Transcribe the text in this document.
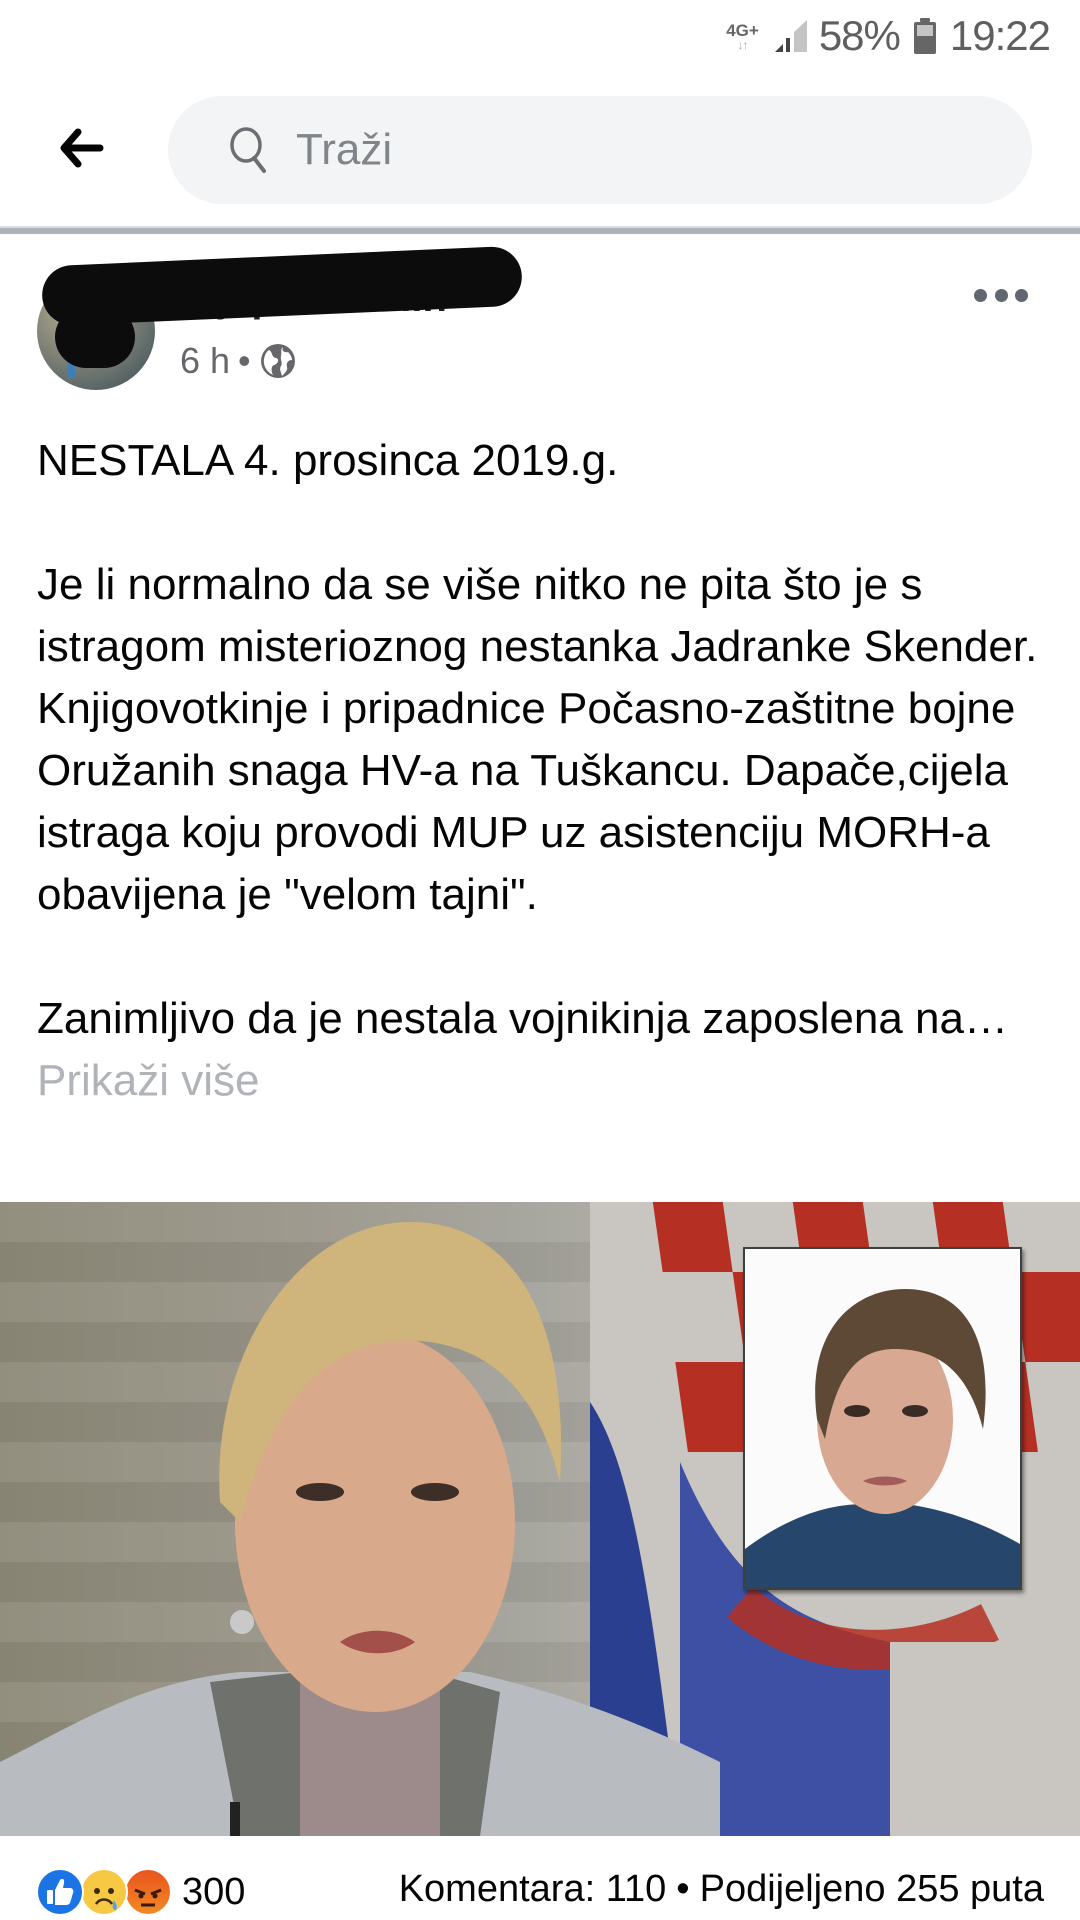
4G+
↓↑ 58% 19:22
Traži
6 h •

NESTALA 4. prosinca 2019.g.

Je li normalno da se više nitko ne pita što je s istragom misterioznog nestanka Jadranke Skender. Knjigovotkinje i pripadnice Počasno-zaštitne bojne Oružanih snaga HV-a na Tuškancu. Dapače,cijela istraga koju provodi MUP uz asistenciju MORH-a obavijena je "velom tajni".

Zanimljivo da je nestala vojnikinja zaposlena na… Prikaži više

300	Komentara: 110 • Podijeljeno 255 puta
